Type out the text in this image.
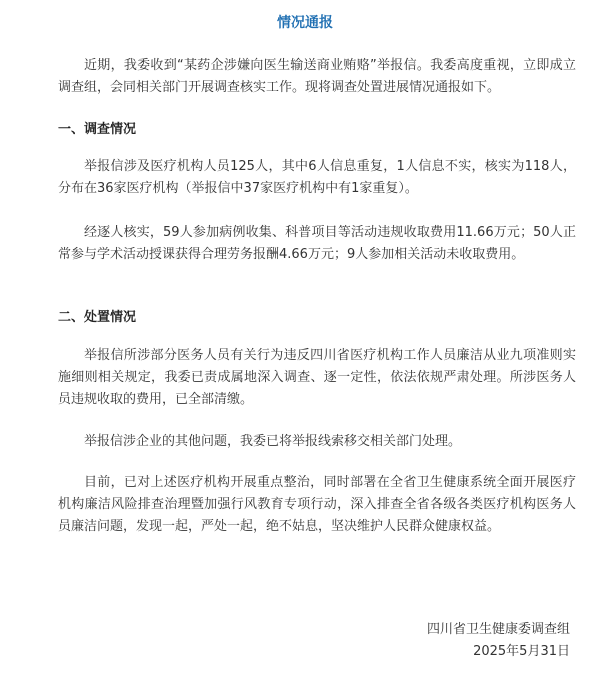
情况通报
近期，我委收到“某药企涉嫌向医生输送商业贿赂”举报信。我委高度重视，立即成立调查组，会同相关部门开展调查核实工作。现将调查处置进展情况通报如下。
一、调查情况
举报信涉及医疗机构人员125人，其中6人信息重复，1人信息不实，核实为118人，分布在36家医疗机构（举报信中37家医疗机构中有1家重复）。
经逐人核实，59人参加病例收集、科普项目等活动违规收取费用11.66万元；50人正常参与学术活动授课获得合理劳务报酬4.66万元；9人参加相关活动未收取费用。
二、处置情况
举报信所涉部分医务人员有关行为违反四川省医疗机构工作人员廉洁从业九项准则实施细则相关规定，我委已责成属地深入调查、逐一定性，依法依规严肃处理。所涉医务人员违规收取的费用，已全部清缴。
举报信涉企业的其他问题，我委已将举报线索移交相关部门处理。
目前，已对上述医疗机构开展重点整治，同时部署在全省卫生健康系统全面开展医疗机构廉洁风险排查治理暨加强行风教育专项行动，深入排查全省各级各类医疗机构医务人员廉洁问题，发现一起，严处一起，绝不姑息，坚决维护人民群众健康权益。
四川省卫生健康委调查组
2025年5月31日
